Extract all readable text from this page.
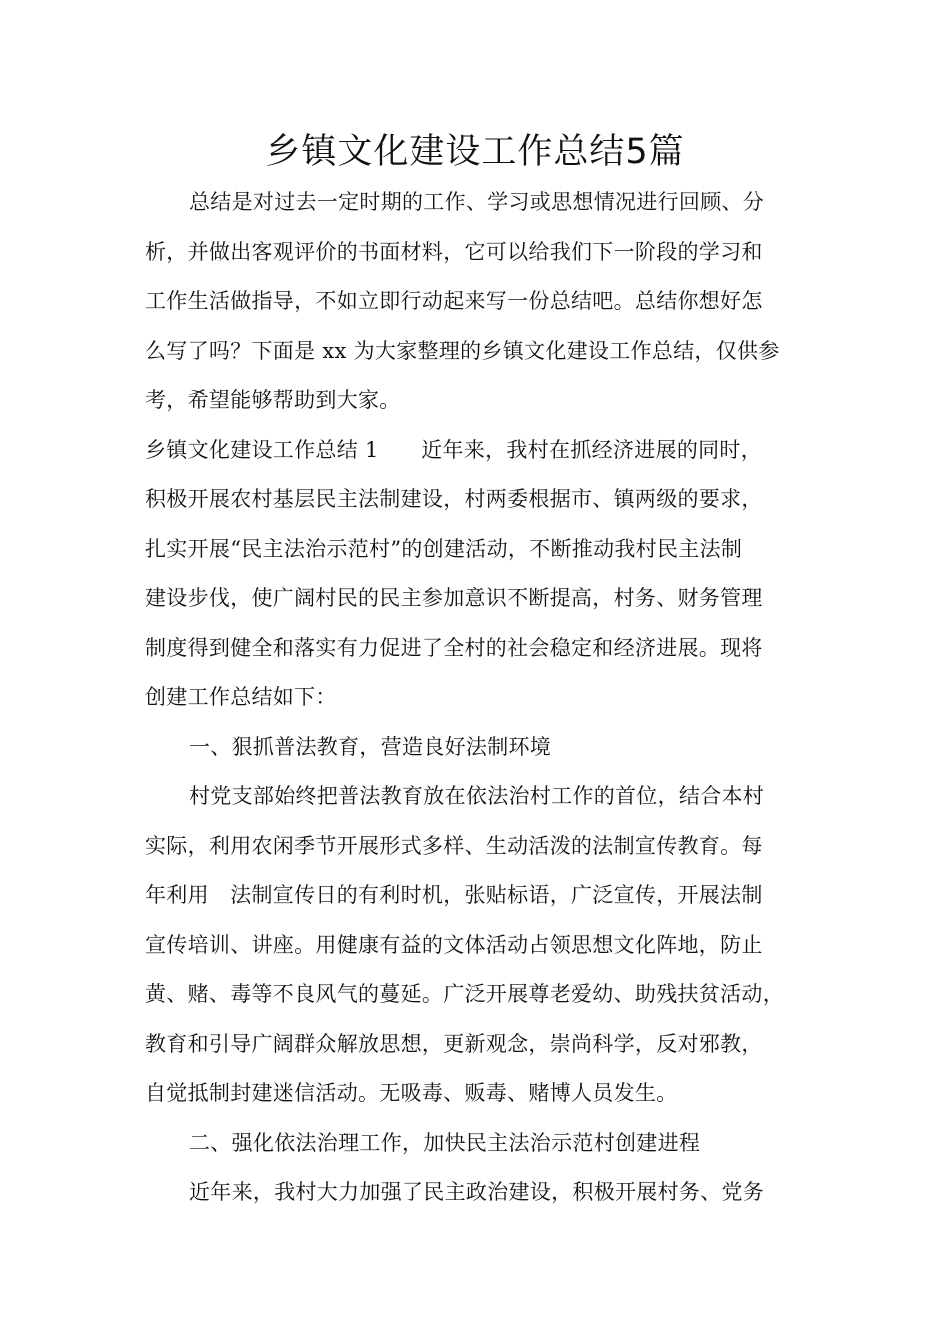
乡镇文化建设工作总结5篇
总结是对过去一定时期的工作、学习或思想情况进行回顾、分
析，并做出客观评价的书面材料，它可以给我们下一阶段的学习和
工作生活做指导，不如立即行动起来写一份总结吧。总结你想好怎
么写了吗？下面是 xx 为大家整理的乡镇文化建设工作总结，仅供参
考，希望能够帮助到大家。
乡镇文化建设工作总结 1　　近年来，我村在抓经济进展的同时，
积极开展农村基层民主法制建设，村两委根据市、镇两级的要求，
扎实开展“民主法治示范村”的创建活动，不断推动我村民主法制
建设步伐，使广阔村民的民主参加意识不断提高，村务、财务管理
制度得到健全和落实有力促进了全村的社会稳定和经济进展。现将
创建工作总结如下：
一、狠抓普法教育，营造良好法制环境
村党支部始终把普法教育放在依法治村工作的首位，结合本村
实际，利用农闲季节开展形式多样、生动活泼的法制宣传教育。每
年利用　法制宣传日的有利时机，张贴标语，广泛宣传，开展法制
宣传培训、讲座。用健康有益的文体活动占领思想文化阵地，防止
黄、赌、毒等不良风气的蔓延。广泛开展尊老爱幼、助残扶贫活动，
教育和引导广阔群众解放思想，更新观念，崇尚科学，反对邪教，
自觉抵制封建迷信活动。无吸毒、贩毒、赌博人员发生。
二、强化依法治理工作，加快民主法治示范村创建进程
近年来，我村大力加强了民主政治建设，积极开展村务、党务
